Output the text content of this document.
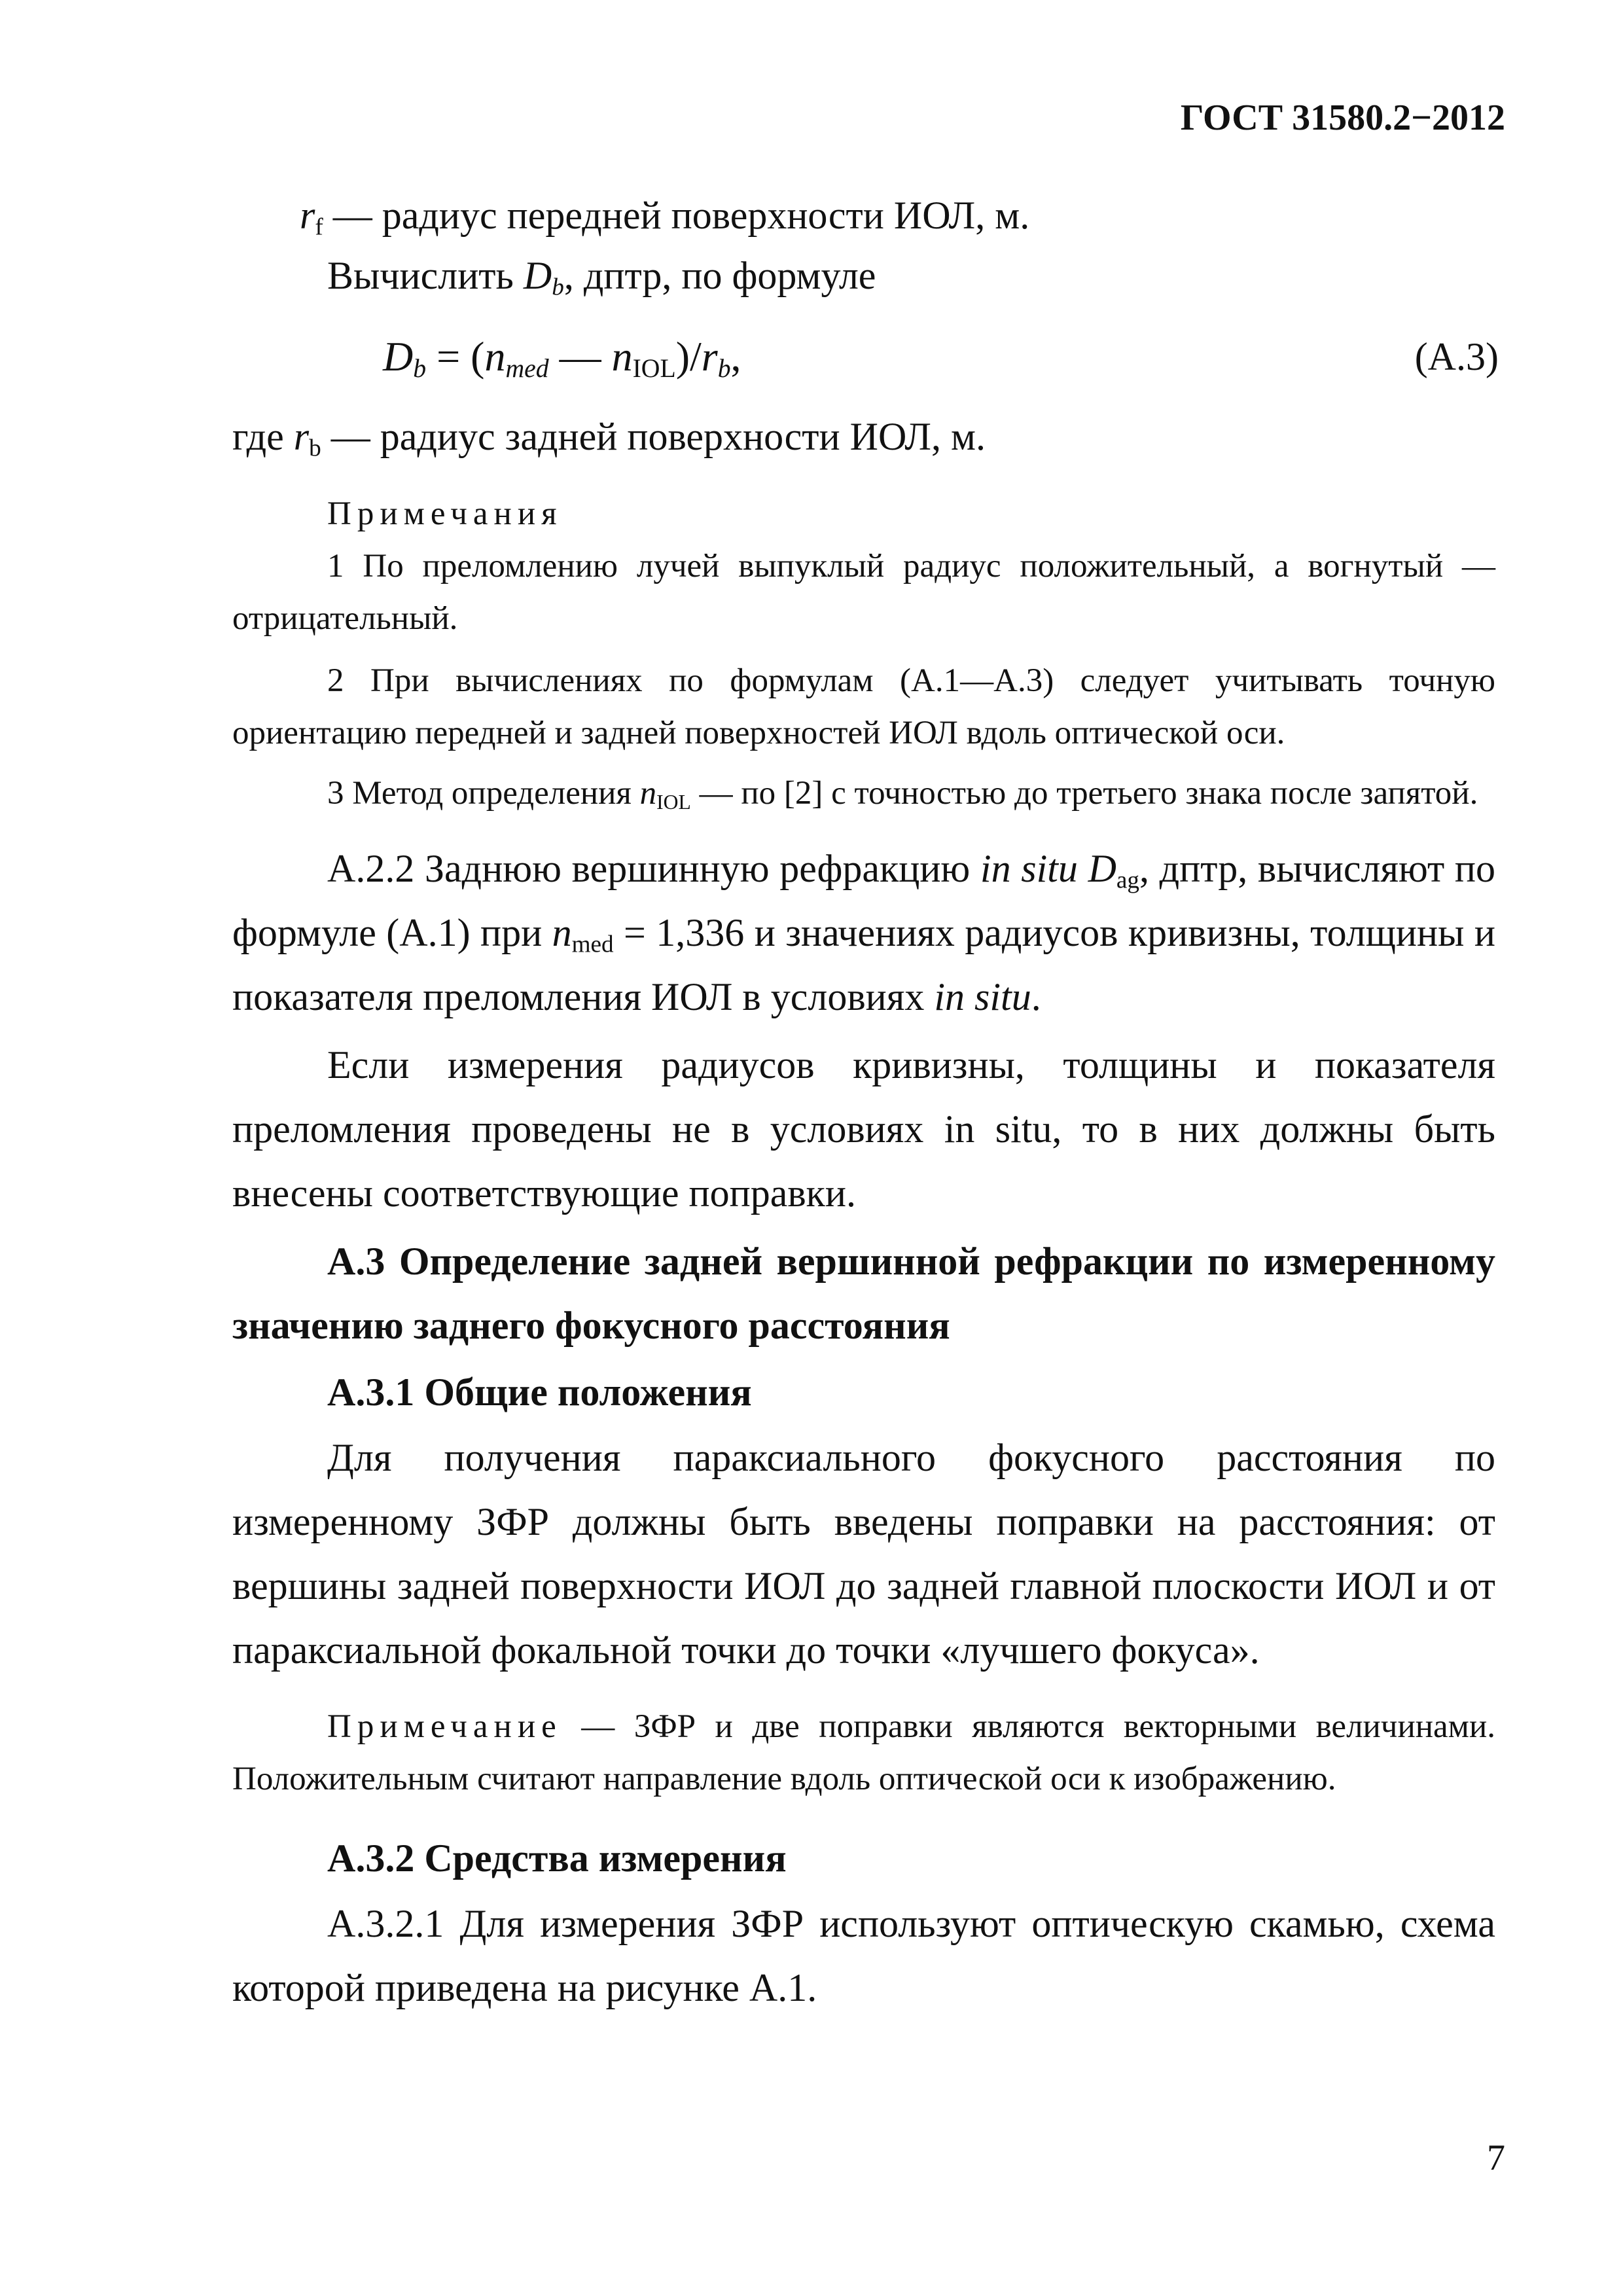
ГОСТ 31580.2−2012
$r_f$ — радиус передней поверхности ИОЛ, м.
Вычислить $D_b$, дптр, по формуле
$D_b = (n_{med}$ — $n_{IOL})/r_b$,	(А.3)
где $r_b$ — радиус задней поверхности ИОЛ, м.
Примечания
1 По преломлению лучей выпуклый радиус положительный, а вогнутый — отрицательный.
2 При вычислениях по формулам (А.1—А.3) следует учитывать точную ориентацию передней и задней поверхностей ИОЛ вдоль оптической оси.
3 Метод определения $n_{IOL}$ — по [2] с точностью до третьего знака после запятой.
А.2.2 Заднюю вершинную рефракцию in situ $D_{ag}$, дптр, вычисляют по формуле (А.1) при $n_{med} = 1,336$ и значениях радиусов кривизны, толщины и показателя преломления ИОЛ в условиях in situ.
Если измерения радиусов кривизны, толщины и показателя преломления проведены не в условиях in situ, то в них должны быть внесены соответствующие поправки.
А.3 Определение задней вершинной рефракции по измеренному значению заднего фокусного расстояния
А.3.1 Общие положения
Для получения параксиального фокусного расстояния по измеренному ЗФР должны быть введены поправки на расстояния: от вершины задней поверхности ИОЛ до задней главной плоскости ИОЛ и от параксиальной фокальной точки до точки «лучшего фокуса».
Примечание — ЗФР и две поправки являются векторными величинами. Положительным считают направление вдоль оптической оси к изображению.
А.3.2 Средства измерения
А.3.2.1 Для измерения ЗФР используют оптическую скамью, схема которой приведена на рисунке А.1.
7
